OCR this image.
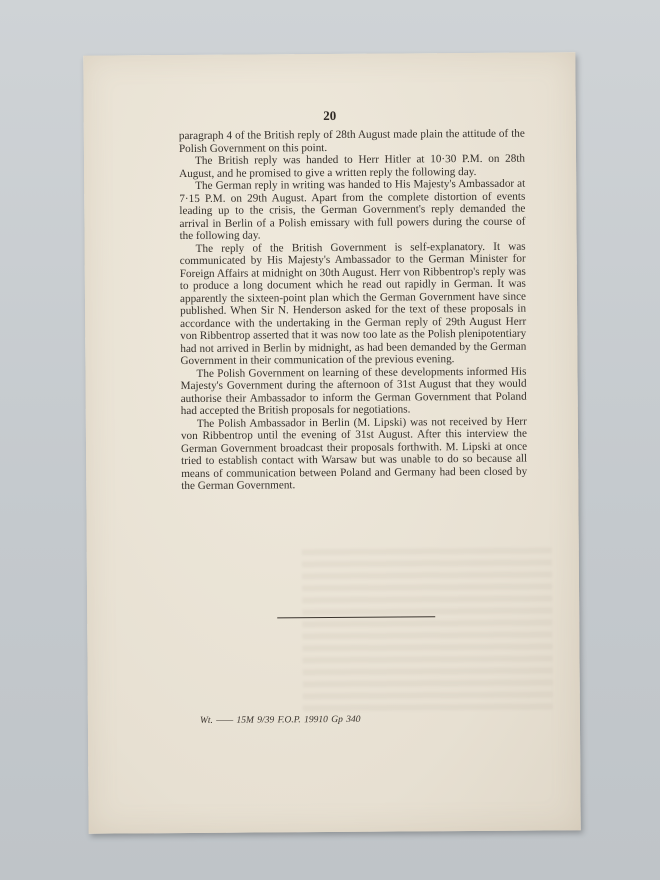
20

paragraph 4 of the British reply of 28th August made plain the attitude of the Polish Government on this point.

The British reply was handed to Herr Hitler at 10·30 P.M. on 28th August, and he promised to give a written reply the following day.

The German reply in writing was handed to His Majesty's Ambassador at 7·15 P.M. on 29th August. Apart from the complete distortion of events leading up to the crisis, the German Government's reply demanded the arrival in Berlin of a Polish emissary with full powers during the course of the following day.

The reply of the British Government is self-explanatory. It was communicated by His Majesty's Ambassador to the German Minister for Foreign Affairs at midnight on 30th August. Herr von Ribbentrop's reply was to produce a long document which he read out rapidly in German. It was apparently the sixteen-point plan which the German Government have since published. When Sir N. Henderson asked for the text of these proposals in accordance with the undertaking in the German reply of 29th August Herr von Ribbentrop asserted that it was now too late as the Polish plenipotentiary had not arrived in Berlin by midnight, as had been demanded by the German Government in their communication of the previous evening.

The Polish Government on learning of these developments informed His Majesty's Government during the afternoon of 31st August that they would authorise their Ambassador to inform the German Government that Poland had accepted the British proposals for negotiations.

The Polish Ambassador in Berlin (M. Lipski) was not received by Herr von Ribbentrop until the evening of 31st August. After this interview the German Government broadcast their proposals forthwith. M. Lipski at once tried to establish contact with Warsaw but was unable to do so because all means of communication between Poland and Germany had been closed by the German Government.

Wt. —— 15M 9/39 F.O.P. 19910 Gp 340
